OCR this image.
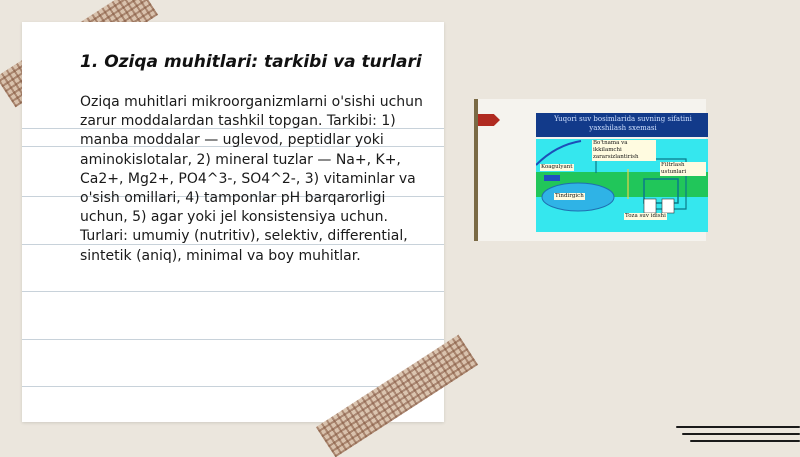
1. Oziqa muhitlari: tarkibi va turlari

Oziqa muhitlari mikroorganizmlarni o'sishi uchun zarur moddalardan tashkil topgan. Tarkibi: 1) manba moddalar — uglevod, peptidlar yoki aminokislotalar, 2) mineral tuzlar — Na+, K+, Ca2+, Mg2+, PO4^3-, SO4^2-, 3) vitaminlar va o'sish omillari, 4) tamponlar pH barqarorligi uchun, 5) agar yoki jel konsistensiya uchun. Turlari: umumiy (nutritiv), selektiv, differential, sintetik (aniq), minimal va boy muhitlar.

Yuqori suv bosimlarida suvning sifatini yaxshilash sxemasi
Bo'tnama va ikkilamchi zararsizlantirish
Filtrlash ustunlari
Koagulyant
Tindirgich
Toza suv idishi
